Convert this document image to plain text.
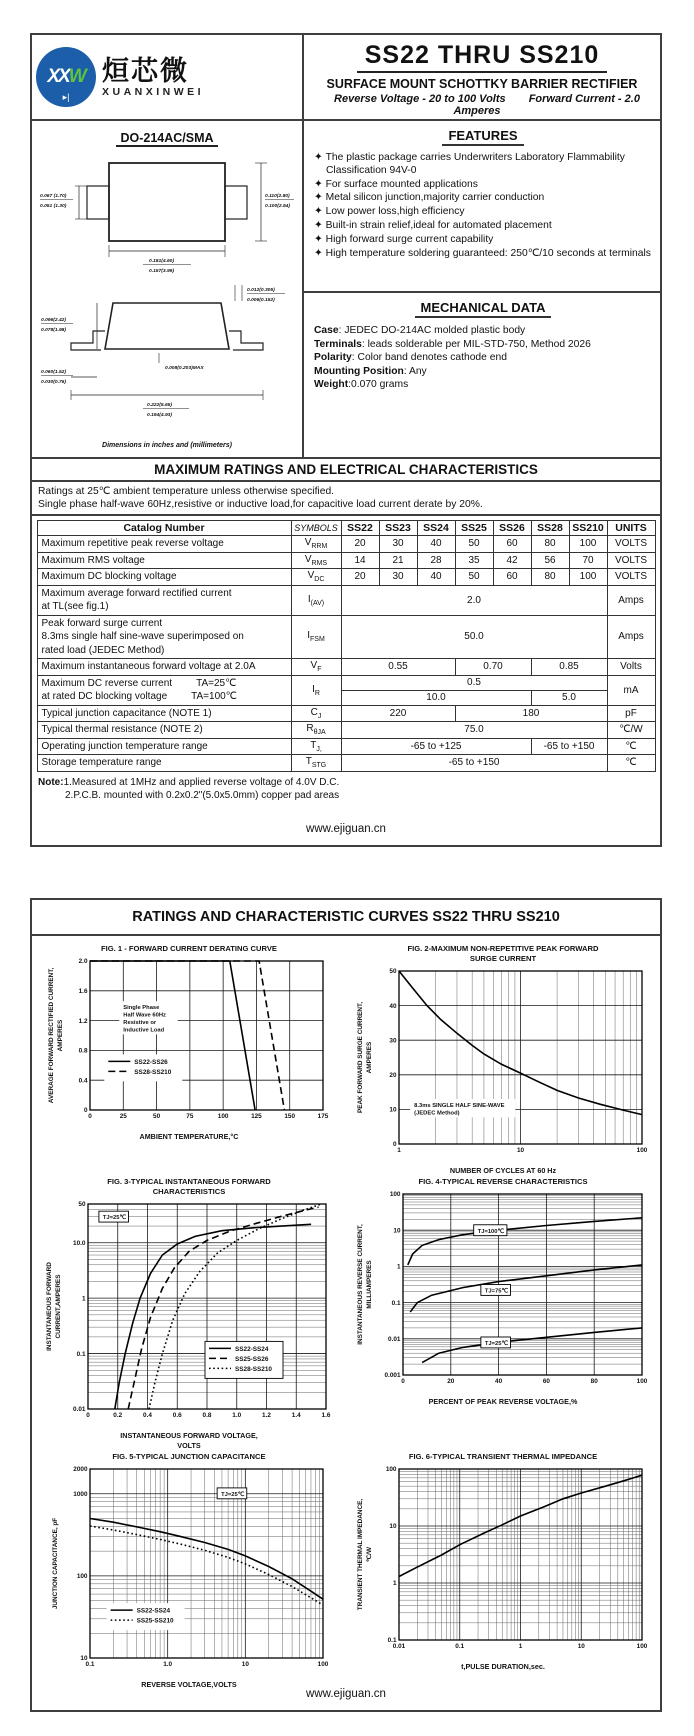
XXW
▸|
烜芯微
XUANXINWEI
SS22 THRU SS210
SURFACE MOUNT SCHOTTKY BARRIER RECTIFIER
Reverse Voltage - 20 to 100 Volts Forward Current - 2.0 Amperes
DO-214AC/SMA
0.067 (1.70)
0.051 (1.30)
0.110(2.80)
0.100(2.54)
0.181(4.60)
0.157(3.99)
0.012(0.305)
0.006(0.152)
0.096(2.42)
0.078(1.98)
0.060(1.52)
0.030(0.76)
0.008(0.203)MAX
0.222(5.65)
0.194(4.93)
Dimensions in inches and (millimeters)
FEATURES
✦ The plastic package carries Underwriters Laboratory Flammability Classification 94V-0
✦ For surface mounted applications
✦ Metal silicon junction,majority carrier conduction
✦ Low power loss,high efficiency
✦ Built-in strain relief,ideal for automated placement
✦ High forward surge current capability
✦ High temperature soldering guaranteed: 250℃/10 seconds at terminals
MECHANICAL DATA
Case: JEDEC DO-214AC molded plastic body
Terminals: leads solderable per MIL-STD-750, Method 2026
Polarity: Color band denotes cathode end
Mounting Position: Any
Weight:0.070 grams
MAXIMUM RATINGS AND ELECTRICAL CHARACTERISTICS
Ratings at 25℃ ambient temperature unless otherwise specified.
Single phase half-wave 60Hz,resistive or inductive load,for capacitive load current derate by 20%.
Catalog Number	SYMBOLS	SS22	SS23	SS24	SS25	SS26	SS28	SS210	UNITS

Maximum repetitive peak reverse voltage	$V_{RRM}$	20	30	40	50	60	80	100	VOLTS

Maximum RMS voltage	$V_{RMS}$	14	21	28	35	42	56	70	VOLTS

Maximum DC blocking voltage	$V_{DC}$	20	30	40	50	60	80	100	VOLTS

Maximum average forward rectified current
at TL(see fig.1)	$I_{(AV)}$	2.0							Amps

Peak forward surge current
8.3ms single half sine-wave superimposed on
rated load (JEDEC Method)	$I_{FSM}$	50.0							Amps

Maximum instantaneous forward voltage at 2.0A	$V_F$	0.55			0.70		0.85		Volts

Maximum DC reverse current TA=25℃
at rated DC blocking voltage TA=100℃	$I_R$	0.5							mA
		10.0					5.0		

Typical junction capacitance (NOTE 1)	$C_J$	220			180				pF

Typical thermal resistance (NOTE 2)	$R_{\theta JA}$	75.0							℃/W

Operating junction temperature range	$T_{J,}$	-65 to +125					-65 to +150		℃

Storage temperature range	$T_{STG}$	-65 to +150							℃
Note:1.Measured at 1MHz and applied reverse voltage of 4.0V D.C.
2.P.C.B. mounted with 0.2x0.2"(5.0x5.0mm) copper pad areas
www.ejiguan.cn
RATINGS AND CHARACTERISTIC CURVES SS22 THRU SS210
FIG. 1 - FORWARD CURRENT DERATING CURVE
0	25	50	75	100	125	150	175
0
0.4
0.8
1.2
1.6
2.0
Single Phase
Half Wave 60Hz
Resistive or
Inductive Load
SS22-SS26
SS28-SS210
AVERAGE FORWARD RECTIFIED CURRENT, AMPERES
AMBIENT TEMPERATURE,°C
FIG. 2-MAXIMUM NON-REPETITIVE PEAK FORWARD
SURGE CURRENT
1	10	100
0
10
20
30
40
50
8.3ms SINGLE HALF SINE-WAVE
(JEDEC Method)
PEAK FORWARD SURGE CURRENT, AMPERES
NUMBER OF CYCLES AT 60 Hz
FIG. 3-TYPICAL INSTANTANEOUS FORWARD
CHARACTERISTICS
0	0.2	0.4	0.6	0.8	1.0	1.2	1.4	1.6
0.01
0.1
1
10.0
50
TJ=25℃
SS22-SS24
SS25-SS26
SS28-SS210
INSTANTANEOUS FORWARD CURRENT,AMPERES
INSTANTANEOUS FORWARD VOLTAGE,
VOLTS
FIG. 4-TYPICAL REVERSE CHARACTERISTICS
0	20	40	60	80	100
0.001
0.01
0.1
1
10
100
TJ=100℃
TJ=75℃
TJ=25℃
INSTANTANEOUS REVERSE CURRENT, MILLIAMPERES
PERCENT OF PEAK REVERSE VOLTAGE,%
FIG. 5-TYPICAL JUNCTION CAPACITANCE
0.1	1.0	10	100
10
100
1000
2000
TJ=25℃
SS22-SS24
SS25-SS210
JUNCTION CAPACITANCE, pF
REVERSE VOLTAGE,VOLTS
FIG. 6-TYPICAL TRANSIENT THERMAL IMPEDANCE
0.01	0.1	1	10	100
0.1
1
10
100
TRANSIENT THERMAL IMPEDANCE, ℃/W
t,PULSE DURATION,sec.
www.ejiguan.cn
